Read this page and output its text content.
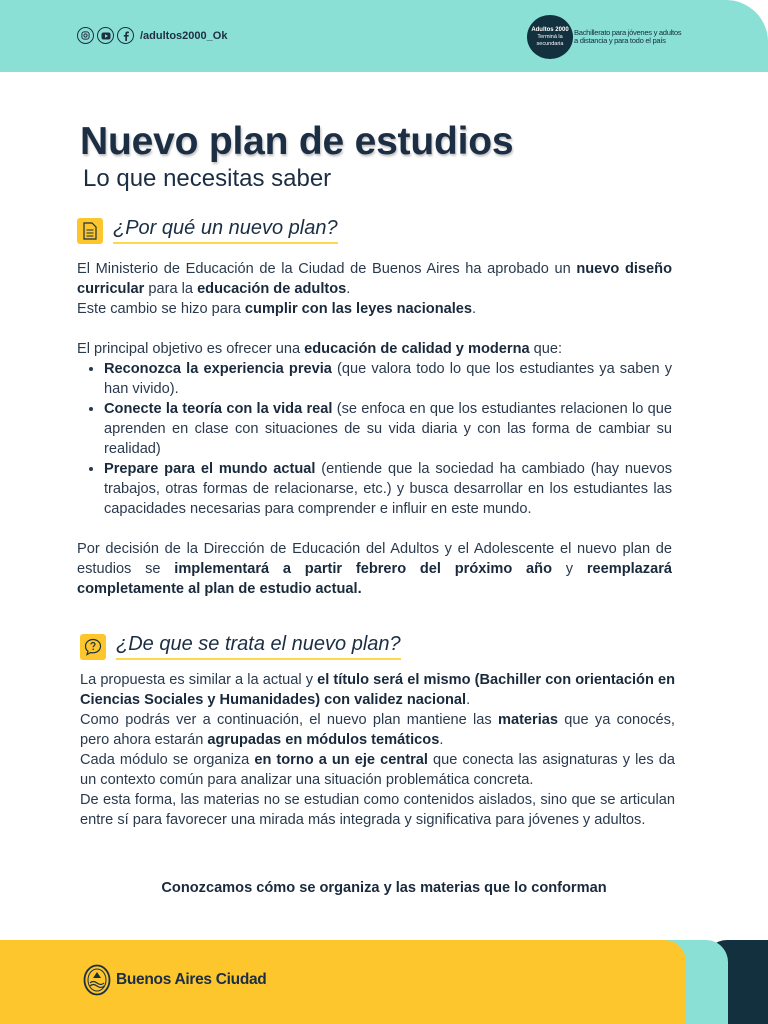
/adultos2000_Ok	Adultos 2000
Terminá la secundaria
Bachillerato para jóvenes y adultos
a distancia y para todo el país
Nuevo plan de estudios
Lo que necesitas saber
¿Por qué un nuevo plan?

El Ministerio de Educación de la Ciudad de Buenos Aires ha aprobado un nuevo diseño curricular para la educación de adultos.

Este cambio se hizo para cumplir con las leyes nacionales.

El principal objetivo es ofrecer una educación de calidad y moderna que:

• Reconozca la experiencia previa (que valora todo lo que los estudiantes ya saben y han vivido).
• Conecte la teoría con la vida real (se enfoca en que los estudiantes relacionen lo que aprenden en clase con situaciones de su vida diaria y con las forma de cambiar su realidad)
• Prepare para el mundo actual (entiende que la sociedad ha cambiado (hay nuevos trabajos, otras formas de relacionarse, etc.) y busca desarrollar en los estudiantes las capacidades necesarias para comprender e influir en este mundo.

Por decisión de la Dirección de Educación del Adultos y el Adolescente el nuevo plan de estudios se implementará a partir febrero del próximo año y reemplazará completamente al plan de estudio actual.

¿De que se trata el nuevo plan?

La propuesta es similar a la actual y el título será el mismo (Bachiller con orientación en Ciencias Sociales y Humanidades) con validez nacional.

Como podrás ver a continuación, el nuevo plan mantiene las materias que ya conocés, pero ahora estarán agrupadas en módulos temáticos.

Cada módulo se organiza en torno a un eje central que conecta las asignaturas y les da un contexto común para analizar una situación problemática concreta.

De esta forma, las materias no se estudian como contenidos aislados, sino que se articulan entre sí para favorecer una mirada más integrada y significativa para jóvenes y adultos.

Conozcamos cómo se organiza y las materias que lo conforman
Buenos Aires Ciudad
